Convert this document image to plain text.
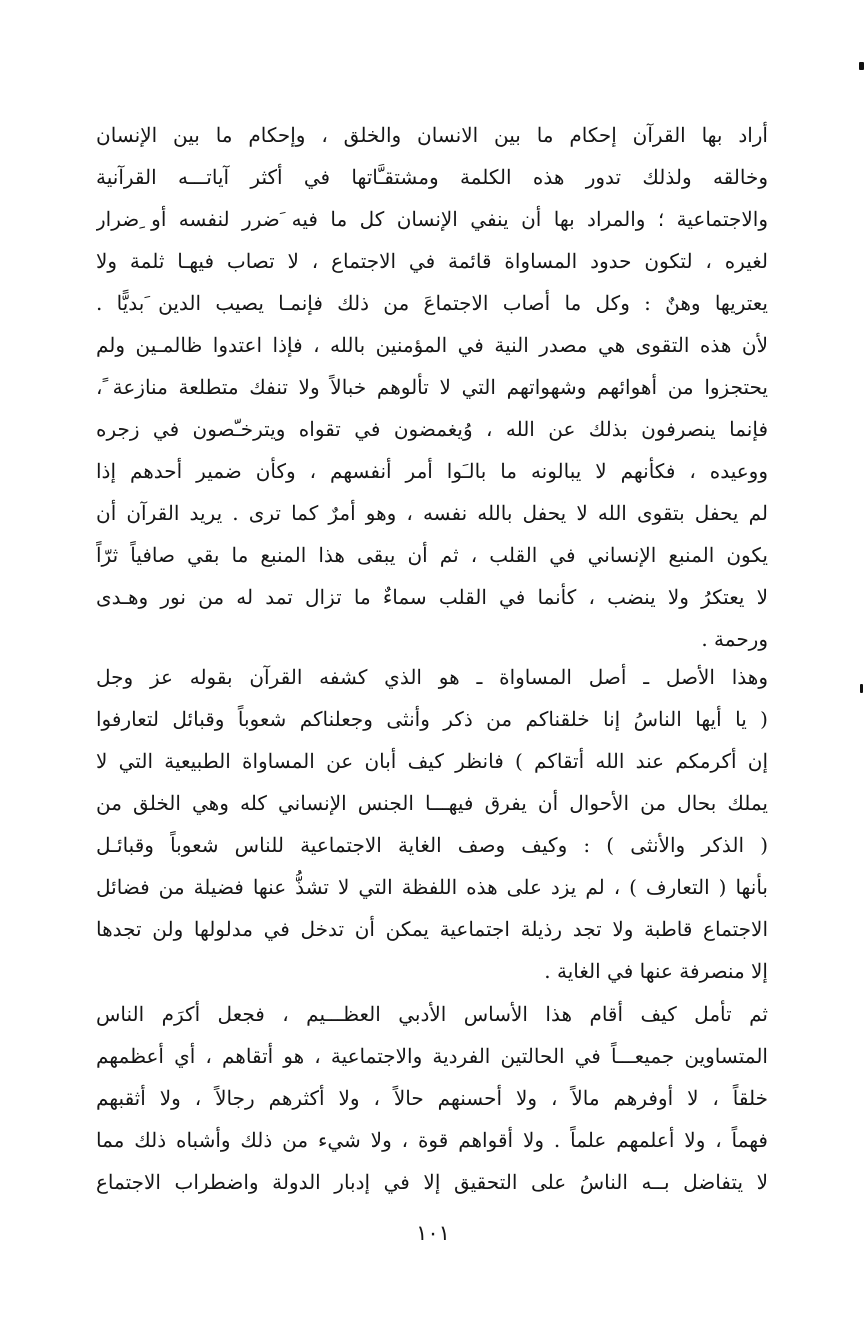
أراد بها القرآن إحكام ما بين الانسان والخلق ، وإحكام ما بين الإنسان
وخالقه ولذلك تدور هذه الكلمة ومشتقـَّاتها في أكثر آياتـــه القرآنية
والاجتماعية ؛ والمراد بها أن ينفي الإنسان كل ما فيه َضرر لنفسه أو ِضرار
لغيره ، لتكون حدود المساواة قائمة في الاجتماع ، لا تصاب فيهـا ثلمة ولا
يعتريها وهنٌ : وكل ما أصاب الاجتماعَ من ذلك فإنمـا يصيب الدين َبديًّا .
لأن هذه التقوى هي مصدر النية في المؤمنين بالله ، فإذا اعتدوا ظالمـين ولم
يحتجزوا من أهوائهم وشهواتهم التي لا تألوهم خبالاً ولا تنفك متطلعة منازعة ً،
فإنما ينصرفون بذلك عن الله ، وُيغمضون في تقواه ويترخـّصون في زجره
ووعيده ، فكأنهم لا يبالونه ما بالـَوا أمر أنفسهم ، وكأن ضمير أحدهم إذا
لم يحفل بتقوى الله لا يحفل بالله نفسه ، وهو أمرٌ كما ترى . يريد القرآن أن
يكون المنبع الإنساني في القلب ، ثم أن يبقى هذا المنبع ما بقي صافياً ثرّاً
لا يعتكرُ ولا ينضب ، كأنما في القلب سماءٌ ما تزال تمد له من نور وهـدى
ورحمة .
وهذا الأصل ـ أصل المساواة ـ هو الذي كشفه القرآن بقوله عز وجل
( يا أيها الناسُ إنا خلقناكم من ذكر وأنثى وجعلناكم شعوباً وقبائل لتعارفوا
إن أكرمكم عند الله أتقاكم ) فانظر كيف أبان عن المساواة الطبيعية التي لا
يملك بحال من الأحوال أن يفرق فيهـــا الجنس الإنساني كله وهي الخلق من
( الذكر والأنثى ) : وكيف وصف الغاية الاجتماعية للناس شعوباً وقبائـل
بأنها ( التعارف ) ، لم يزد على هذه اللفظة التي لا تشذُّ عنها فضيلة من فضائل
الاجتماع قاطبة ولا تجد رذيلة اجتماعية يمكن أن تدخل في مدلولها ولن تجدها
إلا منصرفة عنها في الغاية .
ثم تأمل كيف أقام هذا الأساس الأدبي العظـــيم ، فجعل أكرَم الناس
المتساوين جميعـــاً في الحالتين الفردية والاجتماعية ، هو أتقاهم ، أي أعظمهم
خلقاً ، لا أوفرهم مالاً ، ولا أحسنهم حالاً ، ولا أكثرهم رجالاً ، ولا أثقبهم
فهماً ، ولا أعلمهم علماً . ولا أقواهم قوة ، ولا شيء من ذلك وأشباه ذلك مما
لا يتفاضل بــه الناسُ على التحقيق إلا في إدبار الدولة واضطراب الاجتماع
١٠١
